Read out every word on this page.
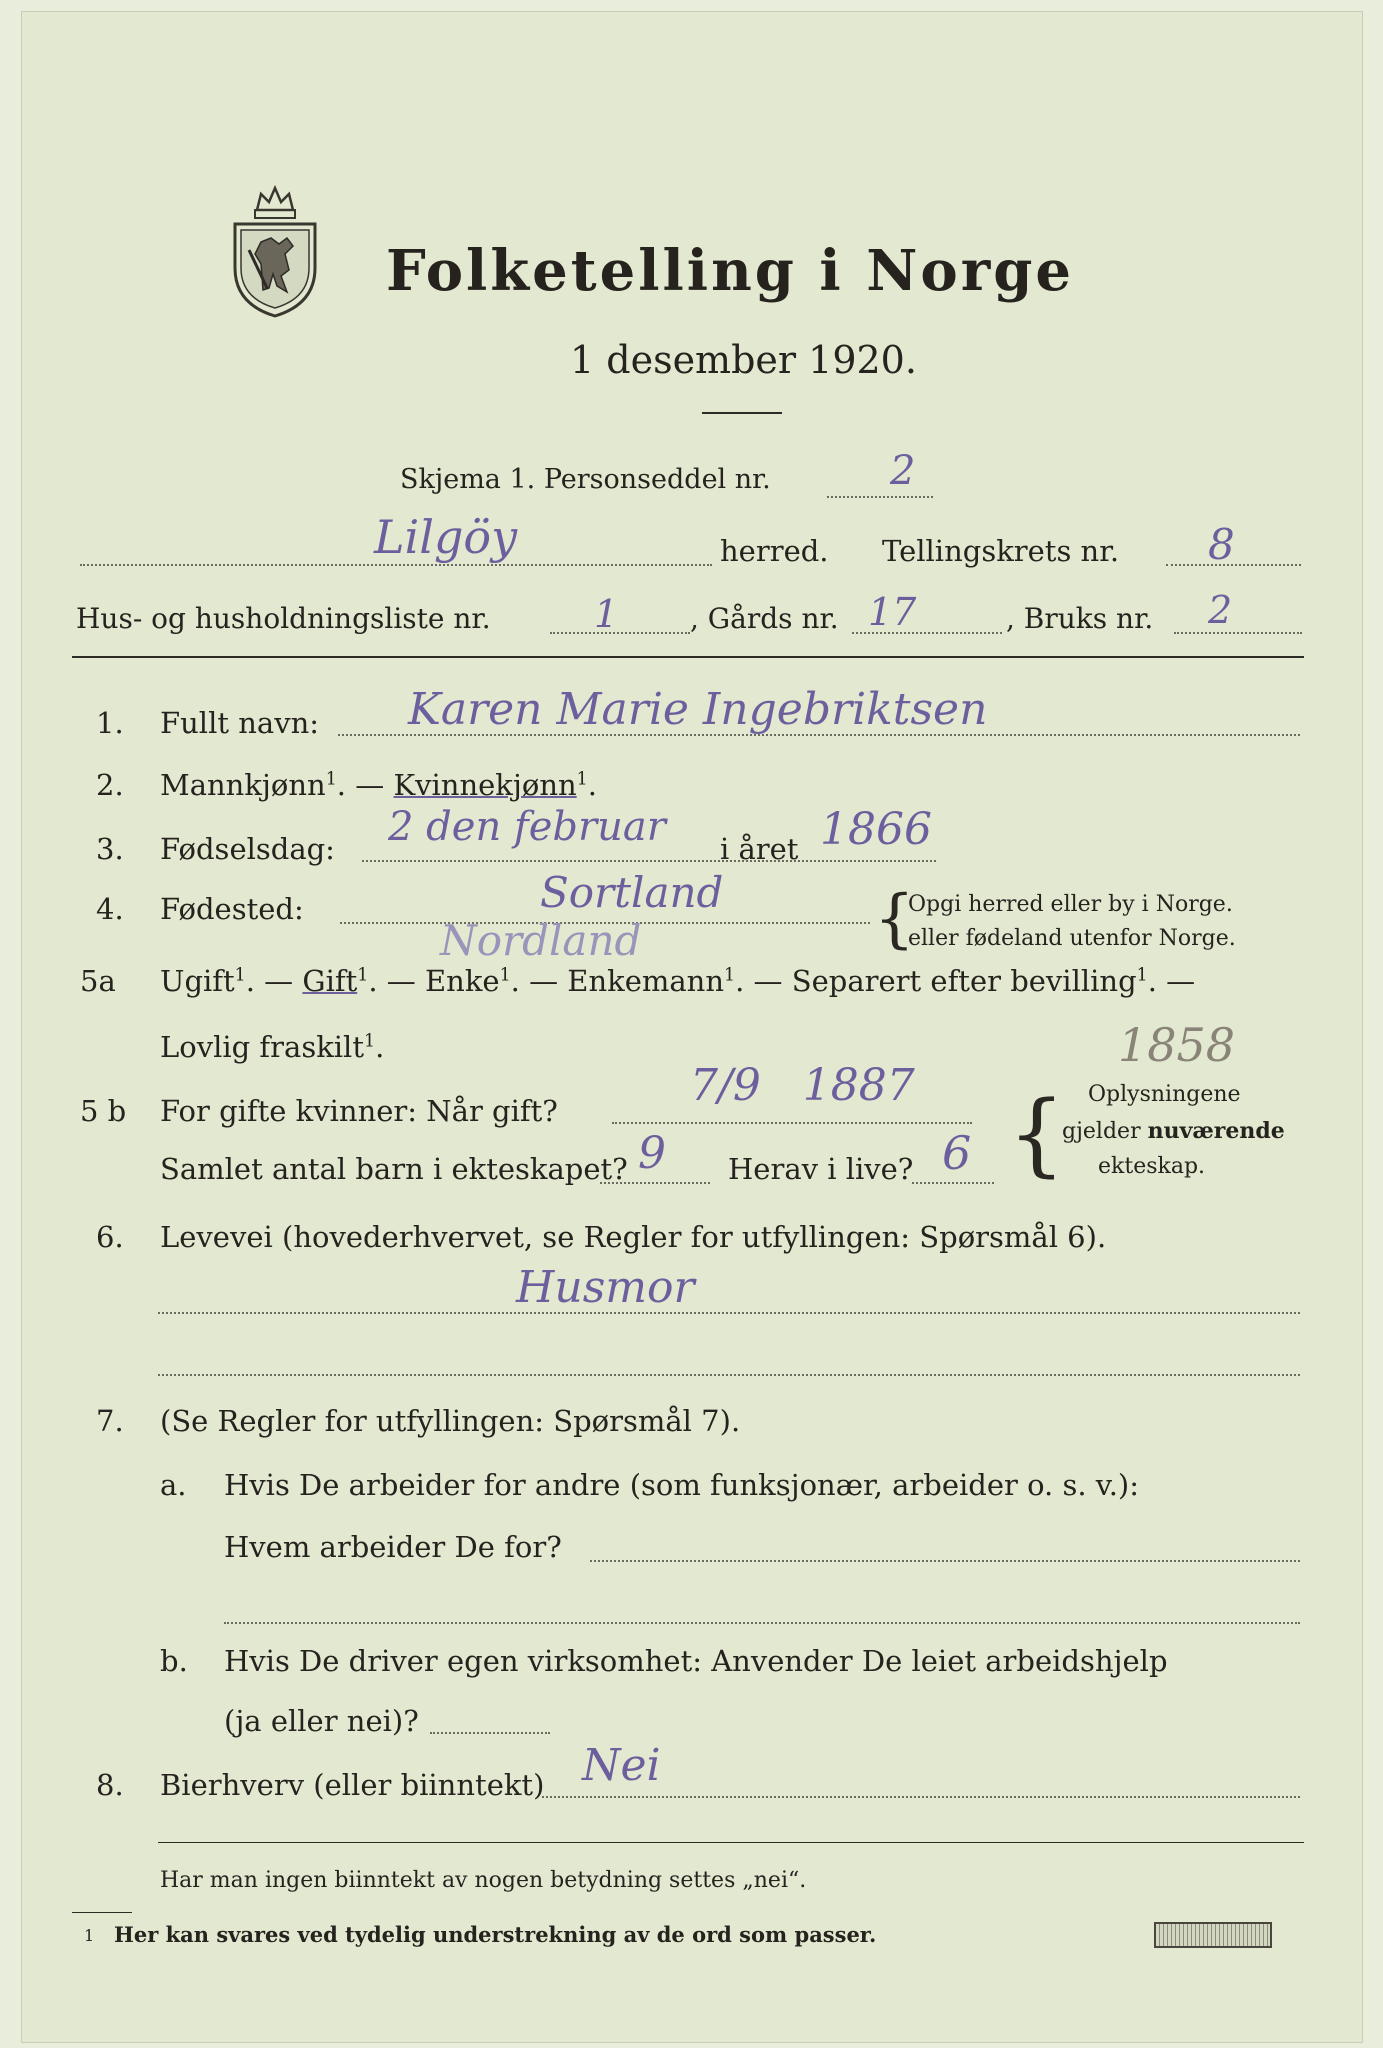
Folketelling i Norge
1 desember 1920.
Skjema 1. Personseddel nr.	2
Lilgöy	herred. Tellingskrets nr. 8
Hus- og husholdningsliste nr.	1	, Gårds nr. 17	, Bruks nr. 2
1. Fullt navn: Karen Marie Ingebriktsen
2. Mannkjønn$^1$. — Kvinnekjønn$^1$.
3. Fødselsdag: 2 den februar i året 1866
4. Fødested:	Sortland
Nordland	{
Opgi herred eller by i Norge.
eller fødeland utenfor Norge.
5a Ugift$^1$. — Gift$^1$. — Enke$^1$. — Enkemann$^1$. — Separert efter bevilling$^1$. —
Lovlig fraskilt$^1$.	1858
5 b For gifte kvinner: Når gift?	7/9   1887
Samlet antal barn i ekteskapet? 9 Herav i live? 6 { Oplysningene
gjelder nuværende
ekteskap.
6. Levevei (hovederhvervet, se Regler for utfyllingen: Spørsmål 6).
Husmor
7. (Se Regler for utfyllingen: Spørsmål 7).
a. Hvis De arbeider for andre (som funksjonær, arbeider o. s. v.):
Hvem arbeider De for?
b. Hvis De driver egen virksomhet: Anvender De leiet arbeidshjelp
(ja eller nei)?
8. Bierhverv (eller biinntekt) Nei
Har man ingen biinntekt av nogen betydning settes „nei“.
1 Her kan svares ved tydelig understrekning av de ord som passer.
